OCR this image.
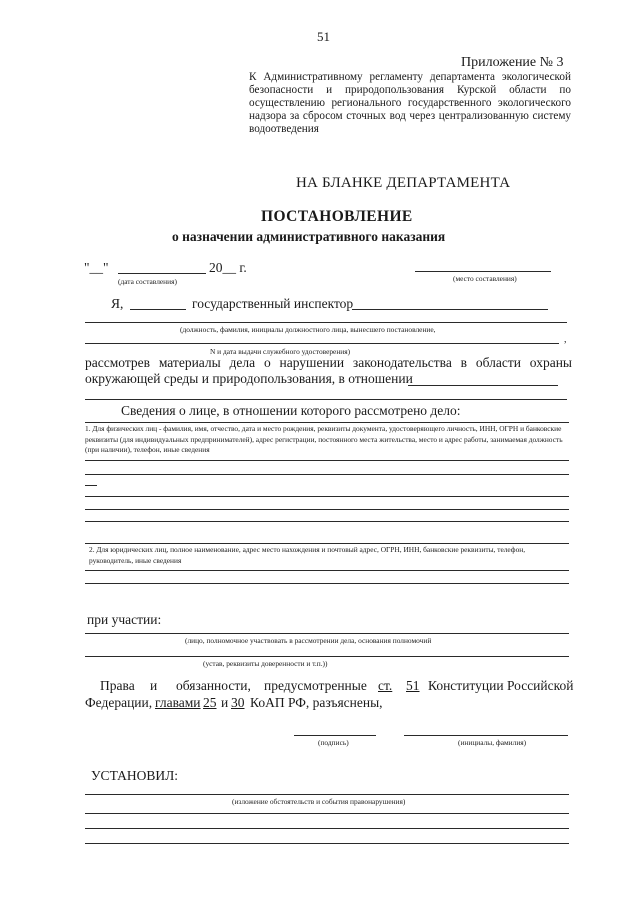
51
Приложение № 3
К Административному регламенту департамента экологической безопасности и природопользования Курской области по осуществлению регионального государственного экологического надзора за сбросом сточных вод через централизованную систему водоотведения
НА БЛАНКЕ ДЕПАРТАМЕНТА
ПОСТАНОВЛЕНИЕ
о назначении административного наказания
"__"	20__ г.
(дата составления)	(место составления)
Я,	государственный инспектор
(должность, фамилия, инициалы должностного лица, вынесшего постановление,
,
N и дата выдачи служебного удостоверения)
рассмотрев материалы дела о нарушении законодательства в области охраны
окружающей среды и природопользования, в отношении
Сведения о лице, в отношении которого рассмотрено дело:
1. Для физических лиц - фамилия, имя, отчество, дата и место рождения, реквизиты документа, удостоверяющего личность, ИНН, ОГРН и банковские реквизиты (для индивидуальных предпринимателей), адрес регистрации, постоянного места жительства, место и адрес работы, занимаемая должность (при наличии), телефон, иные сведения
2. Для юридических лиц, полное наименование, адрес место нахождения и почтовый адрес, ОГРН, ИНН, банковские реквизиты, телефон, руководитель, иные сведения
при участии:
(лицо, полномочное участвовать в рассмотрении дела, основания полномочий
(устав, реквизиты доверенности и т.п.))
Права и обязанности, предусмотренные ст. 51 Конституции Российской
Федерации, главами 25 и 30 КоАП РФ, разъяснены,
(подпись)	(инициалы, фамилия)
УСТАНОВИЛ:
(изложение обстоятельств и события правонарушения)
